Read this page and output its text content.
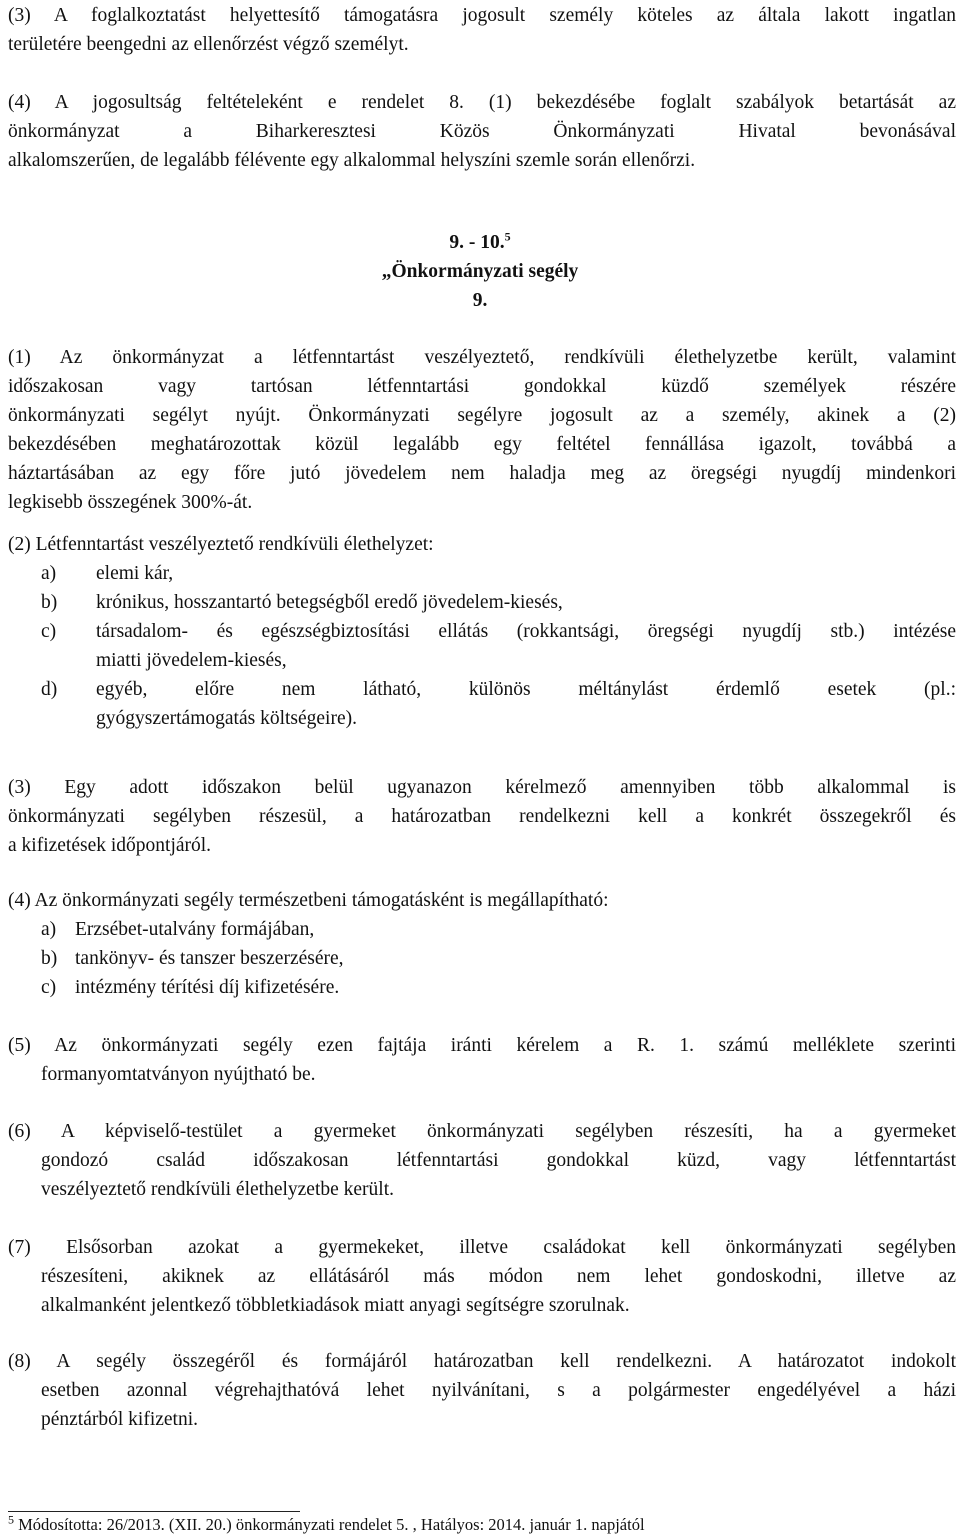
(3) A foglalkoztatást helyettesítő támogatásra jogosult személy köteles az általa lakott ingatlan
területére beengedni az ellenőrzést végző személyt.
(4) A jogosultság feltételeként e rendelet 8. (1) bekezdésébe foglalt szabályok betartását az
önkormányzat a Biharkeresztesi Közös Önkormányzati Hivatal bevonásával
alkalomszerűen, de legalább félévente egy alkalommal helyszíni szemle során ellenőrzi.
9. - 10.$^5$
„Önkormányzati segély
9.
(1) Az önkormányzat a létfenntartást veszélyeztető, rendkívüli élethelyzetbe került, valamint
időszakosan vagy tartósan létfenntartási gondokkal küzdő személyek részére
önkormányzati segélyt nyújt. Önkormányzati segélyre jogosult az a személy, akinek a (2)
bekezdésében meghatározottak közül legalább egy feltétel fennállása igazolt, továbbá a
háztartásában az egy főre jutó jövedelem nem haladja meg az öregségi nyugdíj mindenkori
legkisebb összegének 300%-át.
(2) Létfenntartást veszélyeztető rendkívüli élethelyzet:
a) elemi kár,
b) krónikus, hosszantartó betegségből eredő jövedelem-kiesés,
c) társadalom- és egészségbiztosítási ellátás (rokkantsági, öregségi nyugdíj stb.) intézése
miatti jövedelem-kiesés,
d) egyéb, előre nem látható, különös méltánylást érdemlő esetek (pl.:
gyógyszertámogatás költségeire).
(3) Egy adott időszakon belül ugyanazon kérelmező amennyiben több alkalommal is
önkormányzati segélyben részesül, a határozatban rendelkezni kell a konkrét összegekről és
a kifizetések időpontjáról.
(4) Az önkormányzati segély természetbeni támogatásként is megállapítható:
a) Erzsébet-utalvány formájában,
b) tankönyv- és tanszer beszerzésére,
c) intézmény térítési díj kifizetésére.
(5) Az önkormányzati segély ezen fajtája iránti kérelem a R. 1. számú melléklete szerinti
formanyomtatványon nyújtható be.
(6) A képviselő-testület a gyermeket önkormányzati segélyben részesíti, ha a gyermeket
gondozó család időszakosan létfenntartási gondokkal küzd, vagy létfenntartást
veszélyeztető rendkívüli élethelyzetbe került.
(7) Elsősorban azokat a gyermekeket, illetve családokat kell önkormányzati segélyben
részesíteni, akiknek az ellátásáról más módon nem lehet gondoskodni, illetve az
alkalmanként jelentkező többletkiadások miatt anyagi segítségre szorulnak.
(8) A segély összegéről és formájáról határozatban kell rendelkezni. A határozatot indokolt
esetben azonnal végrehajthatóvá lehet nyilvánítani, s a polgármester engedélyével a házi
pénztárból kifizetni.
$^5$ Módosította: 26/2013. (XII. 20.) önkormányzati rendelet 5. , Hatályos: 2014. január 1. napjától
